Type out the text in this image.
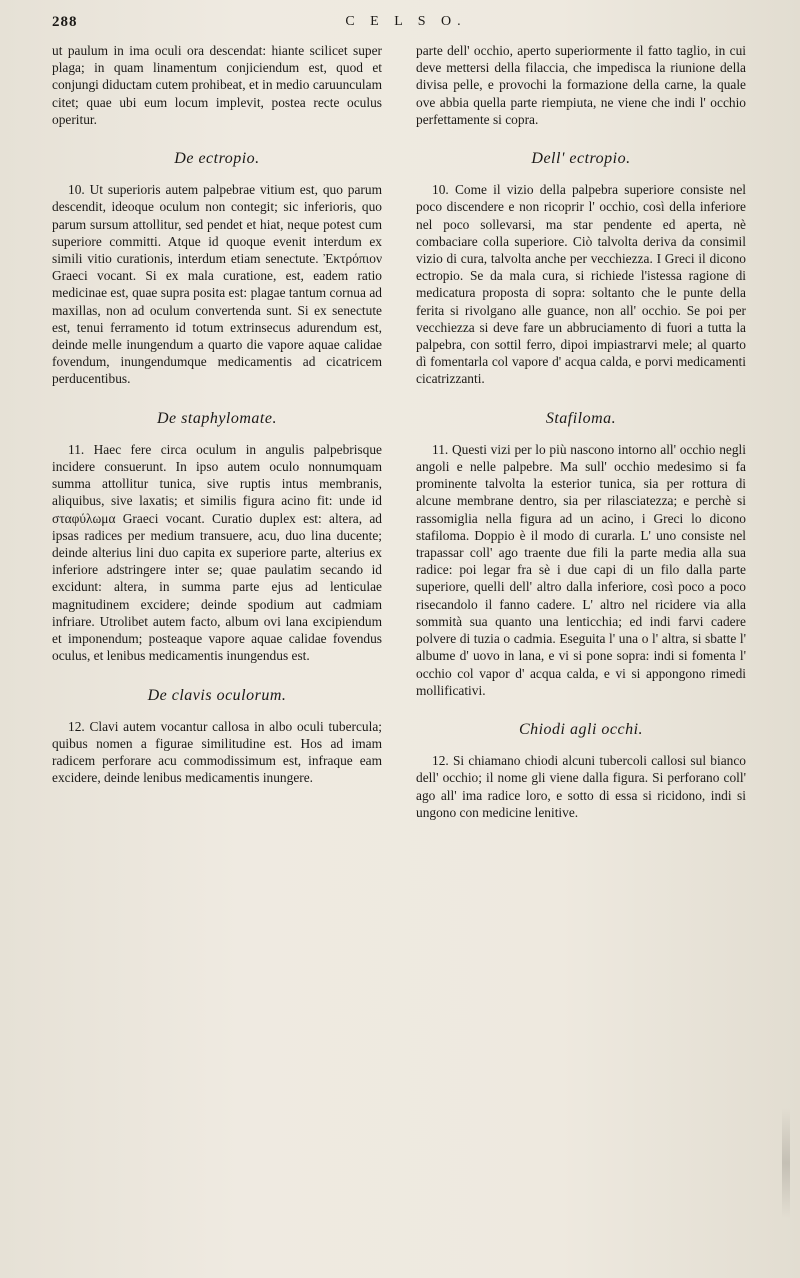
288	C E L S O.

ut paulum in ima oculi ora descendat: hiante scilicet super plaga; in quam linamentum conjiciendum est, quod et conjungi diductam cutem prohibeat, et in medio caruunculam citet; quae ubi eum locum implevit, postea recte oculus operitur.

De ectropio.

10. Ut superioris autem palpebrae vitium est, quo parum descendit, ideoque oculum non contegit; sic inferioris, quo parum sursum attollitur, sed pendet et hiat, neque potest cum superiore committi. Atque id quoque evenit interdum ex simili vitio curationis, interdum etiam senectute. Ἐκτρόπιον Graeci vocant. Si ex mala curatione, est, eadem ratio medicinae est, quae supra posita est: plagae tantum cornua ad maxillas, non ad oculum convertenda sunt. Si ex senectute est, tenui ferramento id totum extrinsecus adurendum est, deinde melle inungendum a quarto die vapore aquae calidae fovendum, inungendumque medicamentis ad cicatricem perducentibus.

De staphylomate.

11. Haec fere circa oculum in angulis palpebrisque incidere consuerunt. In ipso autem oculo nonnumquam summa attollitur tunica, sive ruptis intus membranis, aliquibus, sive laxatis; et similis figura acino fit: unde id σταφύλωμα Graeci vocant. Curatio duplex est: altera, ad ipsas radices per medium transuere, acu, duo lina ducente; deinde alterius lini duo capita ex superiore parte, alterius ex inferiore adstringere inter se; quae paulatim secando id excidunt: altera, in summa parte ejus ad lenticulae magnitudinem excidere; deinde spodium aut cadmiam infriare. Utrolibet autem facto, album ovi lana excipiendum et imponendum; posteaque vapore aquae calidae fovendus oculus, et lenibus medicamentis inungendus est.

De clavis oculorum.

12. Clavi autem vocantur callosa in albo oculi tubercula; quibus nomen a figurae similitudine est. Hos ad imam radicem perforare acu commodissimum est, infraque eam excidere, deinde lenibus medicamentis inungere.

parte dell' occhio, aperto superiormente il fatto taglio, in cui deve mettersi della filaccia, che impedisca la riunione della divisa pelle, e provochi la formazione della carne, la quale ove abbia quella parte riempiuta, ne viene che indi l' occhio perfettamente si copra.

Dell' ectropio.

10. Come il vizio della palpebra superiore consiste nel poco discendere e non ricoprir l' occhio, così della inferiore nel poco sollevarsi, ma star pendente ed aperta, nè combaciare colla superiore. Ciò talvolta deriva da consimil vizio di cura, talvolta anche per vecchiezza. I Greci il dicono ectropio. Se da mala cura, si richiede l'istessa ragione di medicatura proposta di sopra: soltanto che le punte della ferita si rivolgano alle guance, non all' occhio. Se poi per vecchiezza si deve fare un abbruciamento di fuori a tutta la palpebra, con sottil ferro, dipoi impiastrarvi mele; al quarto dì fomentarla col vapore d' acqua calda, e porvi medicamenti cicatrizzanti.

Stafiloma.

11. Questi vizi per lo più nascono intorno all' occhio negli angoli e nelle palpebre. Ma sull' occhio medesimo si fa prominente talvolta la esterior tunica, sia per rottura di alcune membrane dentro, sia per rilasciatezza; e perchè si rassomiglia nella figura ad un acino, i Greci lo dicono stafiloma. Doppio è il modo di curarla. L' uno consiste nel trapassar coll' ago traente due fili la parte media alla sua radice: poi legar fra sè i due capi di un filo dalla parte superiore, quelli dell' altro dalla inferiore, così poco a poco risecandolo il fanno cadere. L' altro nel ricidere via alla sommità sua quanto una lenticchia; ed indi farvi cadere polvere di tuzia o cadmia. Eseguita l' una o l' altra, si sbatte l' albume d' uovo in lana, e vi si pone sopra: indi si fomenta l' occhio col vapor d' acqua calda, e vi si appongono rimedi mollificativi.

Chiodi agli occhi.

12. Si chiamano chiodi alcuni tubercoli callosi sul bianco dell' occhio; il nome gli viene dalla figura. Si perforano coll' ago all' ima radice loro, e sotto di essa si ricidono, indi si ungono con medicine lenitive.
